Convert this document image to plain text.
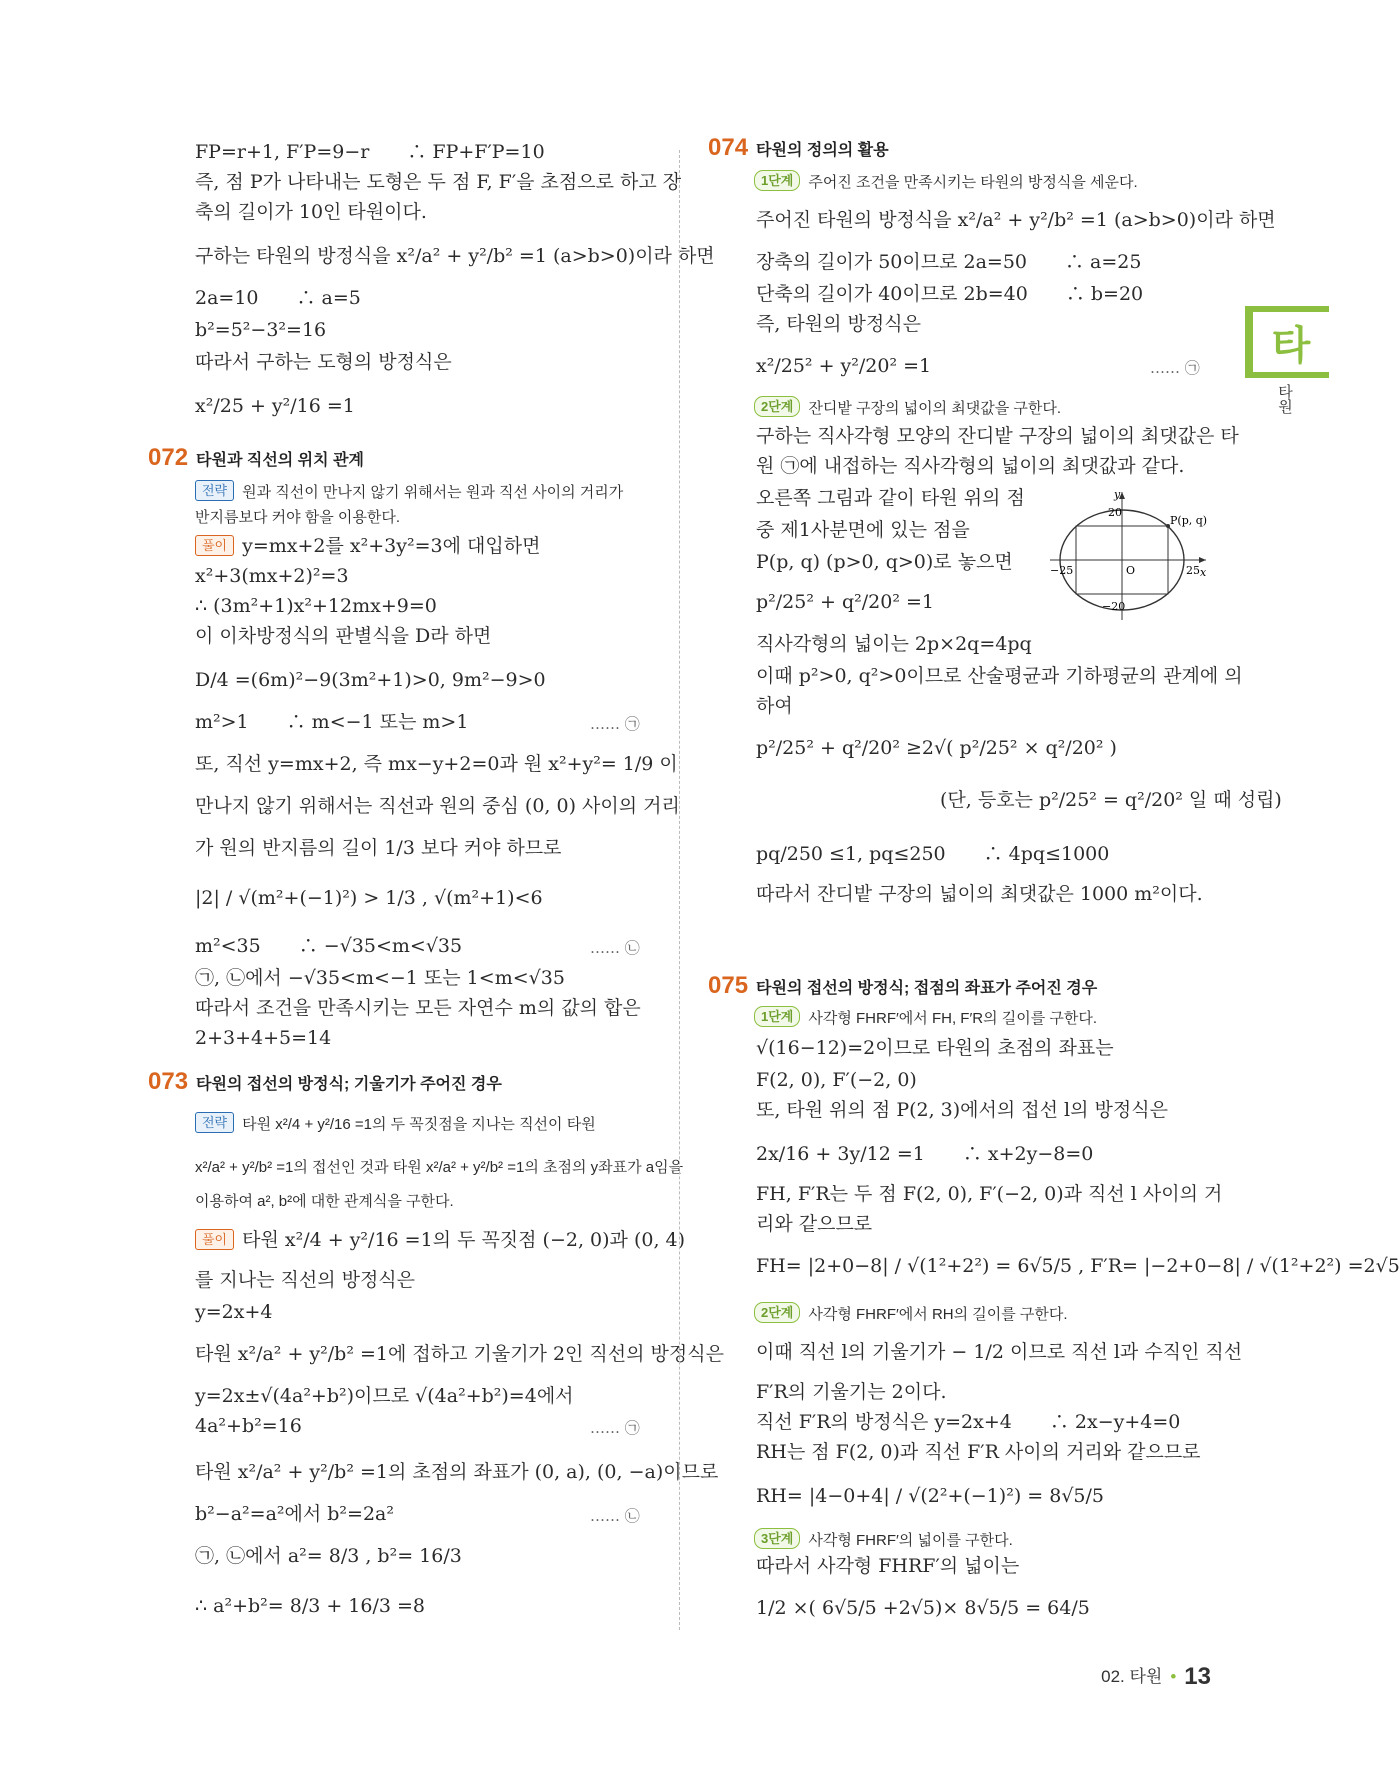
FP=r+1, F′P=9−r　　∴ FP+F′P=10
즉, 점 P가 나타내는 도형은 두 점 F, F′을 초점으로 하고 장
축의 길이가 10인 타원이다.
구하는 타원의 방정식을 x²/a² + y²/b² =1 (a>b>0)이라 하면
2a=10　　∴ a=5
b²=5²−3²=16
따라서 구하는 도형의 방정식은
x²/25 + y²/16 =1
072 타원과 직선의 위치 관계
전략 원과 직선이 만나지 않기 위해서는 원과 직선 사이의 거리가
반지름보다 커야 함을 이용한다.
풀이 y=mx+2를 x²+3y²=3에 대입하면
x²+3(mx+2)²=3
∴ (3m²+1)x²+12mx+9=0
이 이차방정식의 판별식을 D라 하면
D/4 =(6m)²−9(3m²+1)>0, 9m²−9>0
m²>1　　∴ m<−1 또는 m>1	…… ㉠
또, 직선 y=mx+2, 즉 mx−y+2=0과 원 x²+y²= 1/9 이
만나지 않기 위해서는 직선과 원의 중심 (0, 0) 사이의 거리
가 원의 반지름의 길이 1/3 보다 커야 하므로
|2| / √(m²+(−1)²) > 1/3 , √(m²+1)<6
m²<35　　∴ −√35<m<√35	…… ㉡
㉠, ㉡에서 −√35<m<−1 또는 1<m<√35
따라서 조건을 만족시키는 모든 자연수 m의 값의 합은
2+3+4+5=14
073 타원의 접선의 방정식; 기울기가 주어진 경우
전략 타원 x²/4 + y²/16 =1의 두 꼭짓점을 지나는 직선이 타원
x²/a² + y²/b² =1의 접선인 것과 타원 x²/a² + y²/b² =1의 초점의 y좌표가 a임을
이용하여 a², b²에 대한 관계식을 구한다.
풀이 타원 x²/4 + y²/16 =1의 두 꼭짓점 (−2, 0)과 (0, 4)
를 지나는 직선의 방정식은
y=2x+4
타원 x²/a² + y²/b² =1에 접하고 기울기가 2인 직선의 방정식은
y=2x±√(4a²+b²)이므로 √(4a²+b²)=4에서
4a²+b²=16	…… ㉠
타원 x²/a² + y²/b² =1의 초점의 좌표가 (0, a), (0, −a)이므로
b²−a²=a²에서 b²=2a²	…… ㉡
㉠, ㉡에서 a²= 8/3 , b²= 16/3
∴ a²+b²= 8/3 + 16/3 =8
074 타원의 정의의 활용
1단계 주어진 조건을 만족시키는 타원의 방정식을 세운다.
주어진 타원의 방정식을 x²/a² + y²/b² =1 (a>b>0)이라 하면
장축의 길이가 50이므로 2a=50　　∴ a=25
단축의 길이가 40이므로 2b=40　　∴ b=20
즉, 타원의 방정식은
x²/25² + y²/20² =1	…… ㉠
2단계 잔디밭 구장의 넓이의 최댓값을 구한다.
구하는 직사각형 모양의 잔디밭 구장의 넓이의 최댓값은 타
원 ㉠에 내접하는 직사각형의 넓이의 최댓값과 같다.
오른쪽 그림과 같이 타원 위의 점
중 제1사분면에 있는 점을
P(p, q) (p>0, q>0)로 놓으면
p²/25² + q²/20² =1
직사각형의 넓이는 2p×2q=4pq
이때 p²>0, q²>0이므로 산술평균과 기하평균의 관계에 의
하여
p²/25² + q²/20² ≥2√( p²/25² × q²/20² )
(단, 등호는 p²/25² = q²/20² 일 때 성립)
pq/250 ≤1, pq≤250　　∴ 4pq≤1000
따라서 잔디밭 구장의 넓이의 최댓값은 1000 m²이다.
y
x
O
P(p, q)
20
−20
25
−25
075 타원의 접선의 방정식; 접점의 좌표가 주어진 경우
1단계 사각형 FHRF′에서 FH, F′R의 길이를 구한다.
√(16−12)=2이므로 타원의 초점의 좌표는
F(2, 0), F′(−2, 0)
또, 타원 위의 점 P(2, 3)에서의 접선 l의 방정식은
2x/16 + 3y/12 =1　　∴ x+2y−8=0
FH, F′R는 두 점 F(2, 0), F′(−2, 0)과 직선 l 사이의 거
리와 같으므로
FH= |2+0−8| / √(1²+2²) = 6√5/5 , F′R= |−2+0−8| / √(1²+2²) =2√5
2단계 사각형 FHRF′에서 RH의 길이를 구한다.
이때 직선 l의 기울기가 − 1/2 이므로 직선 l과 수직인 직선
F′R의 기울기는 2이다.
직선 F′R의 방정식은 y=2x+4　　∴ 2x−y+4=0
RH는 점 F(2, 0)과 직선 F′R 사이의 거리와 같으므로
RH= |4−0+4| / √(2²+(−1)²) = 8√5/5
3단계 사각형 FHRF′의 넓이를 구한다.
따라서 사각형 FHRF′의 넓이는
1/2 ×( 6√5/5 +2√5)× 8√5/5 = 64/5
타
타원
02. 타원 • 13
